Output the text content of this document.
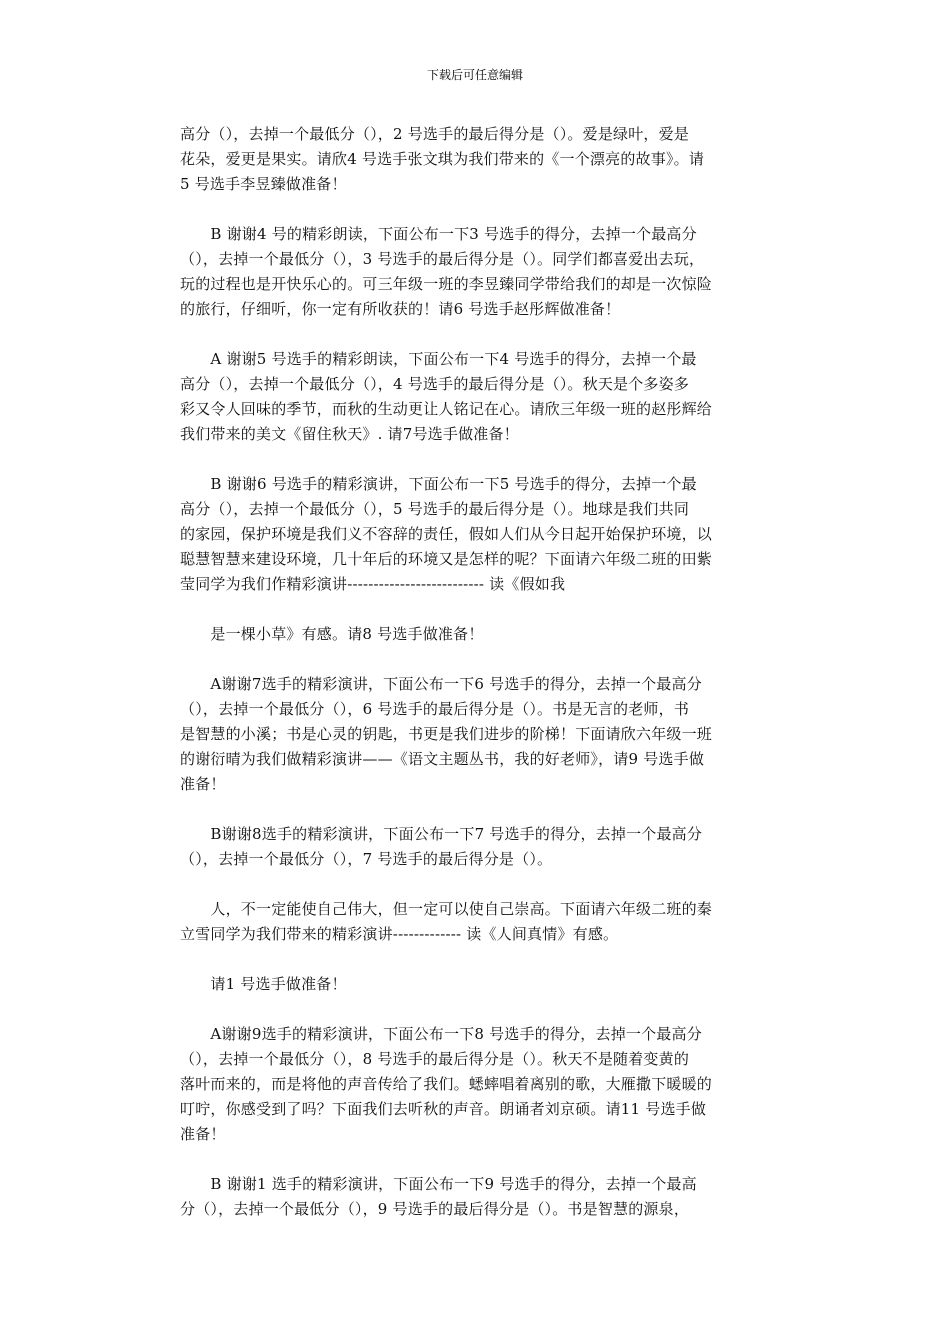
下载后可任意编辑
高分（），去掉一个最低分（），2 号选手的最后得分是（）。爱是绿叶，爱是
花朵，爱更是果实。请欣4 号选手张文琪为我们带来的《一个漂亮的故事》。请
5 号选手李昱臻做准备！
　　B 谢谢4 号的精彩朗读，下面公布一下3 号选手的得分，去掉一个最高分
（），去掉一个最低分（），3 号选手的最后得分是（）。同学们都喜爱出去玩，
玩的过程也是开快乐心的。可三年级一班的李昱臻同学带给我们的却是一次惊险
的旅行，仔细听，你一定有所收获的！请6 号选手赵彤辉做准备！
　　A 谢谢5 号选手的精彩朗读，下面公布一下4 号选手的得分，去掉一个最
高分（），去掉一个最低分（），4 号选手的最后得分是（）。秋天是个多姿多
彩又令人回味的季节，而秋的生动更让人铭记在心。请欣三年级一班的赵彤辉给
我们带来的美文《留住秋天》. 请7号选手做准备！
　　B 谢谢6 号选手的精彩演讲，下面公布一下5 号选手的得分，去掉一个最
高分（），去掉一个最低分（），5 号选手的最后得分是（）。地球是我们共同
的家园，保护环境是我们义不容辞的责任，假如人们从今日起开始保护环境，以
聪慧智慧来建设环境，几十年后的环境又是怎样的呢？下面请六年级二班的田紫
莹同学为我们作精彩演讲-------------------------- 读《假如我
　　是一棵小草》有感。请8 号选手做准备！
　　A谢谢7选手的精彩演讲，下面公布一下6 号选手的得分，去掉一个最高分
（），去掉一个最低分（），6 号选手的最后得分是（）。书是无言的老师，书
是智慧的小溪；书是心灵的钥匙，书更是我们进步的阶梯！下面请欣六年级一班
的谢衍晴为我们做精彩演讲——《语文主题丛书，我的好老师》，请9 号选手做
准备！
　　B谢谢8选手的精彩演讲，下面公布一下7 号选手的得分，去掉一个最高分
（），去掉一个最低分（），7 号选手的最后得分是（）。
　　人，不一定能使自己伟大，但一定可以使自己崇高。下面请六年级二班的秦
立雪同学为我们带来的精彩演讲------------- 读《人间真情》有感。
　　请1 号选手做准备！
　　A谢谢9选手的精彩演讲，下面公布一下8 号选手的得分，去掉一个最高分
（），去掉一个最低分（），8 号选手的最后得分是（）。秋天不是随着变黄的
落叶而来的，而是将他的声音传给了我们。蟋蟀唱着离别的歌，大雁撒下暖暖的
叮咛，你感受到了吗？下面我们去听秋的声音。朗诵者刘京硕。请11 号选手做
准备！
　　B 谢谢1 选手的精彩演讲，下面公布一下9 号选手的得分，去掉一个最高
分（），去掉一个最低分（），9 号选手的最后得分是（）。书是智慧的源泉，
